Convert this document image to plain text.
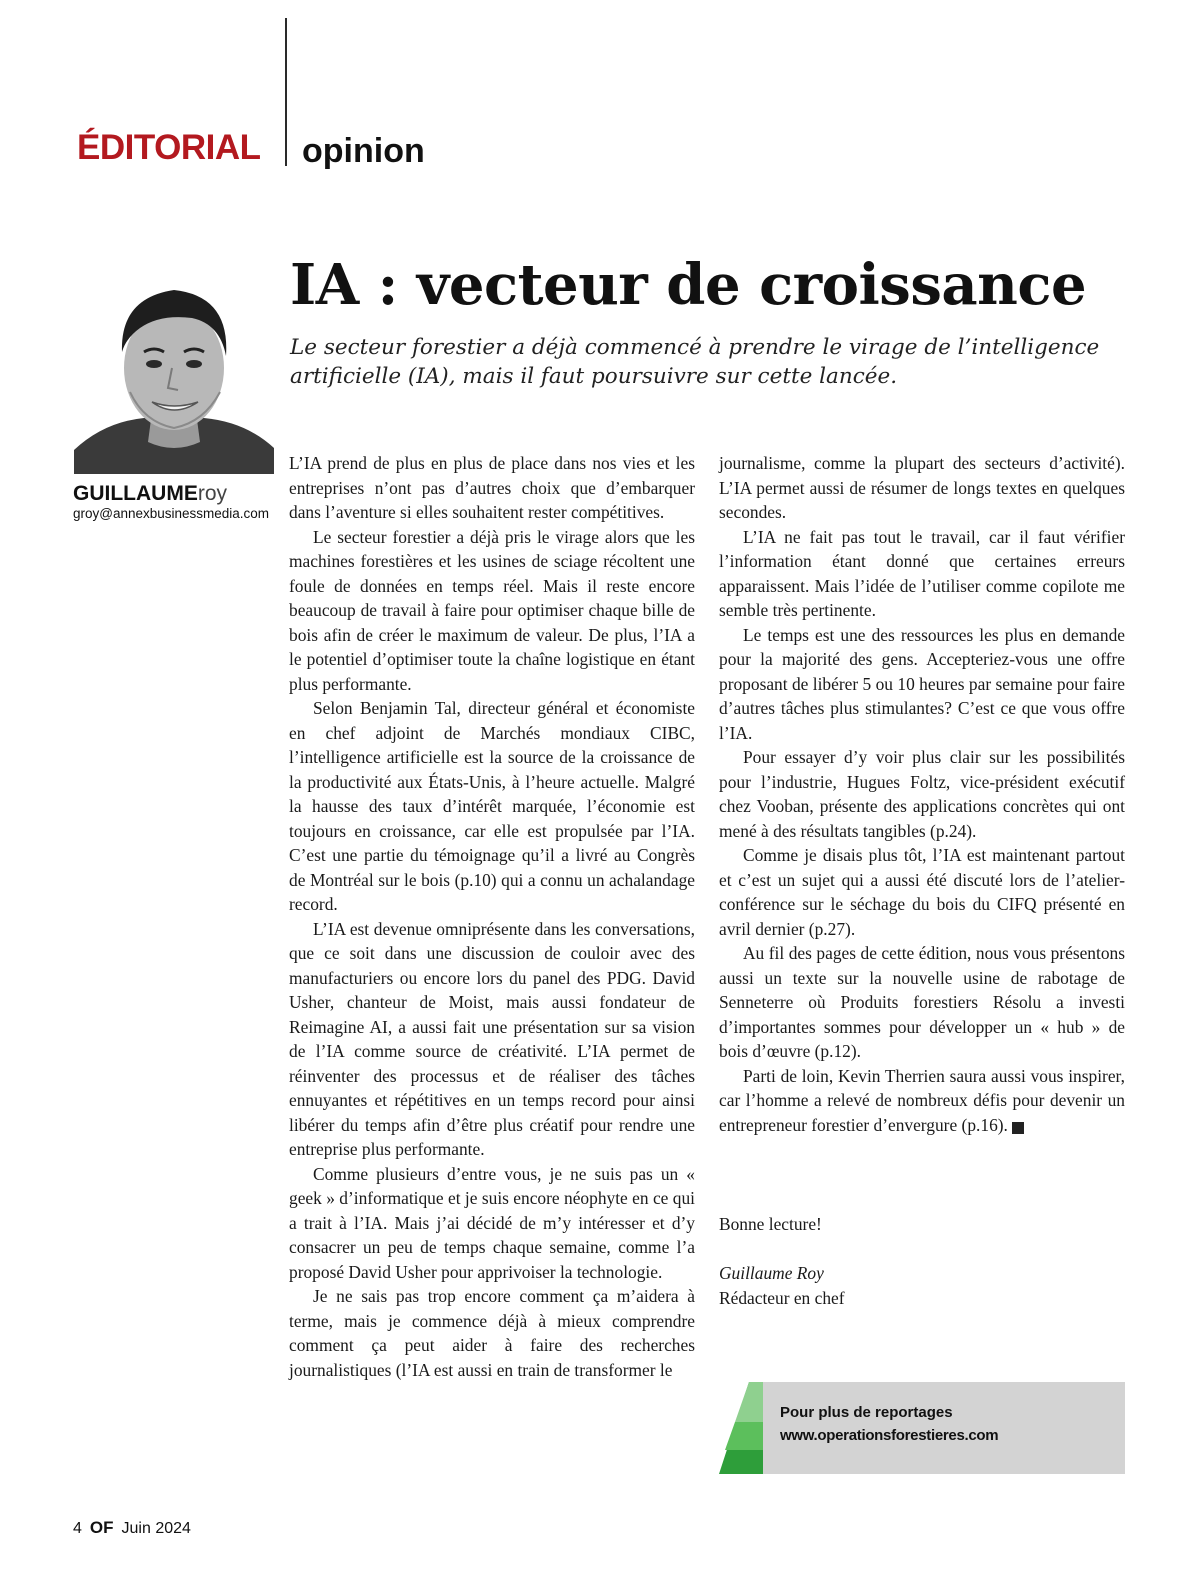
ÉDITORIAL opinion
GUILLAUMEroy
groy@annexbusinessmedia.com
IA : vecteur de croissance
Le secteur forestier a déjà commencé à prendre le virage de l’intelligence artificielle (IA), mais il faut poursuivre sur cette lancée.

L’IA prend de plus en plus de place dans nos vies et les entreprises n’ont pas d’autres choix que d’embarquer dans l’aventure si elles souhaitent rester compétitives.

Le secteur forestier a déjà pris le virage alors que les machines forestières et les usines de sciage récoltent une foule de données en temps réel. Mais il reste encore beaucoup de travail à faire pour optimiser chaque bille de bois afin de créer le maximum de valeur. De plus, l’IA a le potentiel d’optimiser toute la chaîne logistique en étant plus performante.

Selon Benjamin Tal, directeur général et économiste en chef adjoint de Marchés mondiaux CIBC, l’intelligence artificielle est la source de la croissance de la productivité aux États-Unis, à l’heure actuelle. Malgré la hausse des taux d’intérêt marquée, l’économie est toujours en croissance, car elle est propulsée par l’IA. C’est une partie du témoignage qu’il a livré au Congrès de Montréal sur le bois (p.10) qui a connu un achalandage record.

L’IA est devenue omniprésente dans les conversations, que ce soit dans une discussion de couloir avec des manufacturiers ou encore lors du panel des PDG. David Usher, chanteur de Moist, mais aussi fondateur de Reimagine AI, a aussi fait une présentation sur sa vision de l’IA comme source de créativité. L’IA permet de réinventer des processus et de réaliser des tâches ennuyantes et répétitives en un temps record pour ainsi libérer du temps afin d’être plus créatif pour rendre une entreprise plus performante.

Comme plusieurs d’entre vous, je ne suis pas un « geek » d’informatique et je suis encore néophyte en ce qui a trait à l’IA. Mais j’ai décidé de m’y intéresser et d’y consacrer un peu de temps chaque semaine, comme l’a proposé David Usher pour apprivoiser la technologie.

Je ne sais pas trop encore comment ça m’aidera à terme, mais je commence déjà à mieux comprendre comment ça peut aider à faire des recherches journalistiques (l’IA est aussi en train de transformer le

journalisme, comme la plupart des secteurs d’activité). L’IA permet aussi de résumer de longs textes en quelques secondes.

L’IA ne fait pas tout le travail, car il faut vérifier l’information étant donné que certaines erreurs apparaissent. Mais l’idée de l’utiliser comme copilote me semble très pertinente.

Le temps est une des ressources les plus en demande pour la majorité des gens. Accepteriez-vous une offre proposant de libérer 5 ou 10 heures par semaine pour faire d’autres tâches plus stimulantes? C’est ce que vous offre l’IA.

Pour essayer d’y voir plus clair sur les possibilités pour l’industrie, Hugues Foltz, vice-président exécutif chez Vooban, présente des applications concrètes qui ont mené à des résultats tangibles (p.24).

Comme je disais plus tôt, l’IA est maintenant partout et c’est un sujet qui a aussi été discuté lors de l’atelier-conférence sur le séchage du bois du CIFQ présenté en avril dernier (p.27).

Au fil des pages de cette édition, nous vous présentons aussi un texte sur la nouvelle usine de rabotage de Senneterre où Produits forestiers Résolu a investi d’importantes sommes pour développer un « hub » de bois d’œuvre (p.12).

Parti de loin, Kevin Therrien saura aussi vous inspirer, car l’homme a relevé de nombreux défis pour devenir un entrepreneur forestier d’envergure (p.16).	OF

Bonne lecture!

Guillaume Roy

Rédacteur en chef

Pour plus de reportages
www.operationsforestieres.com
4 OF Juin 2024
